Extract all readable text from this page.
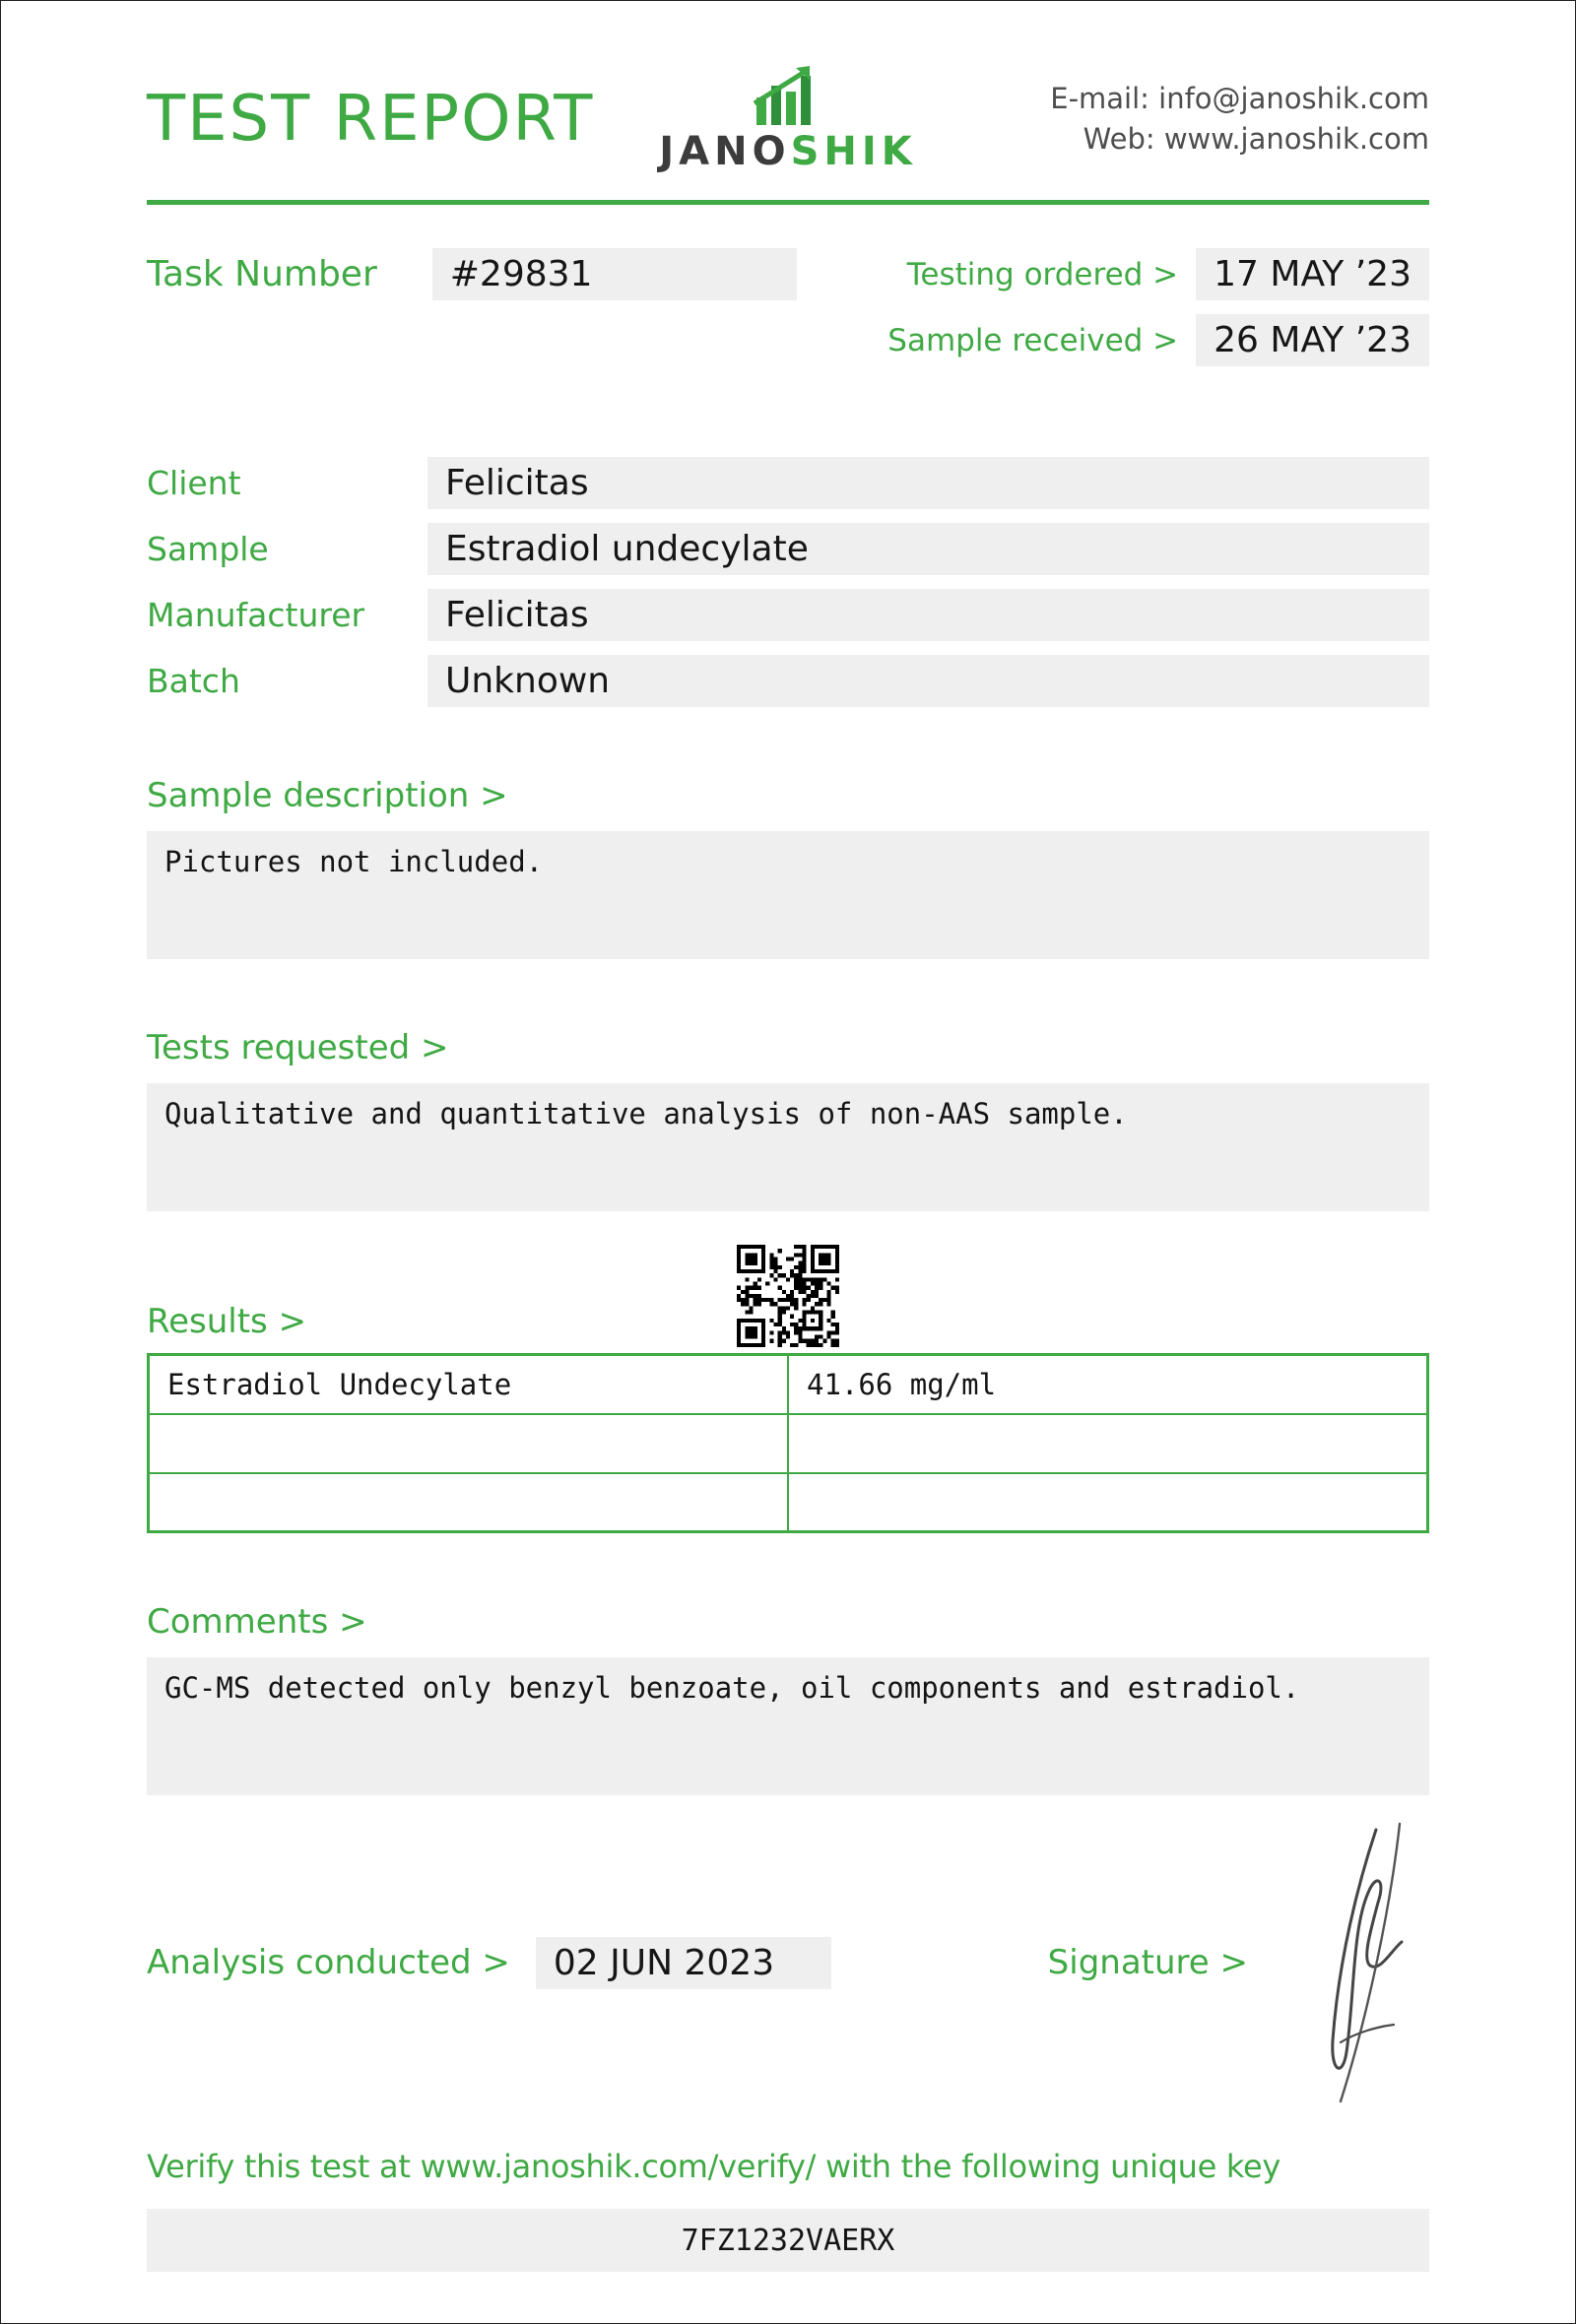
TEST REPORT	JANOSHIK
E-mail: info@janoshik.com
Web: www.janoshik.com
Task Number	#29831	Testing ordered >	17 MAY ’23
Sample received >	26 MAY ’23
Client	Felicitas
Sample	Estradiol undecylate
Manufacturer	Felicitas
Batch	Unknown
Sample description >
Pictures not included.
Tests requested >
Qualitative and quantitative analysis of non-AAS sample.
Results >
Estradiol Undecylate	41.66 mg/ml

Comments >
GC-MS detected only benzyl benzoate, oil components and estradiol.
Analysis conducted >	02 JUN 2023	Signature >
Verify this test at www.janoshik.com/verify/ with the following unique key
7FZ1232VAERX
